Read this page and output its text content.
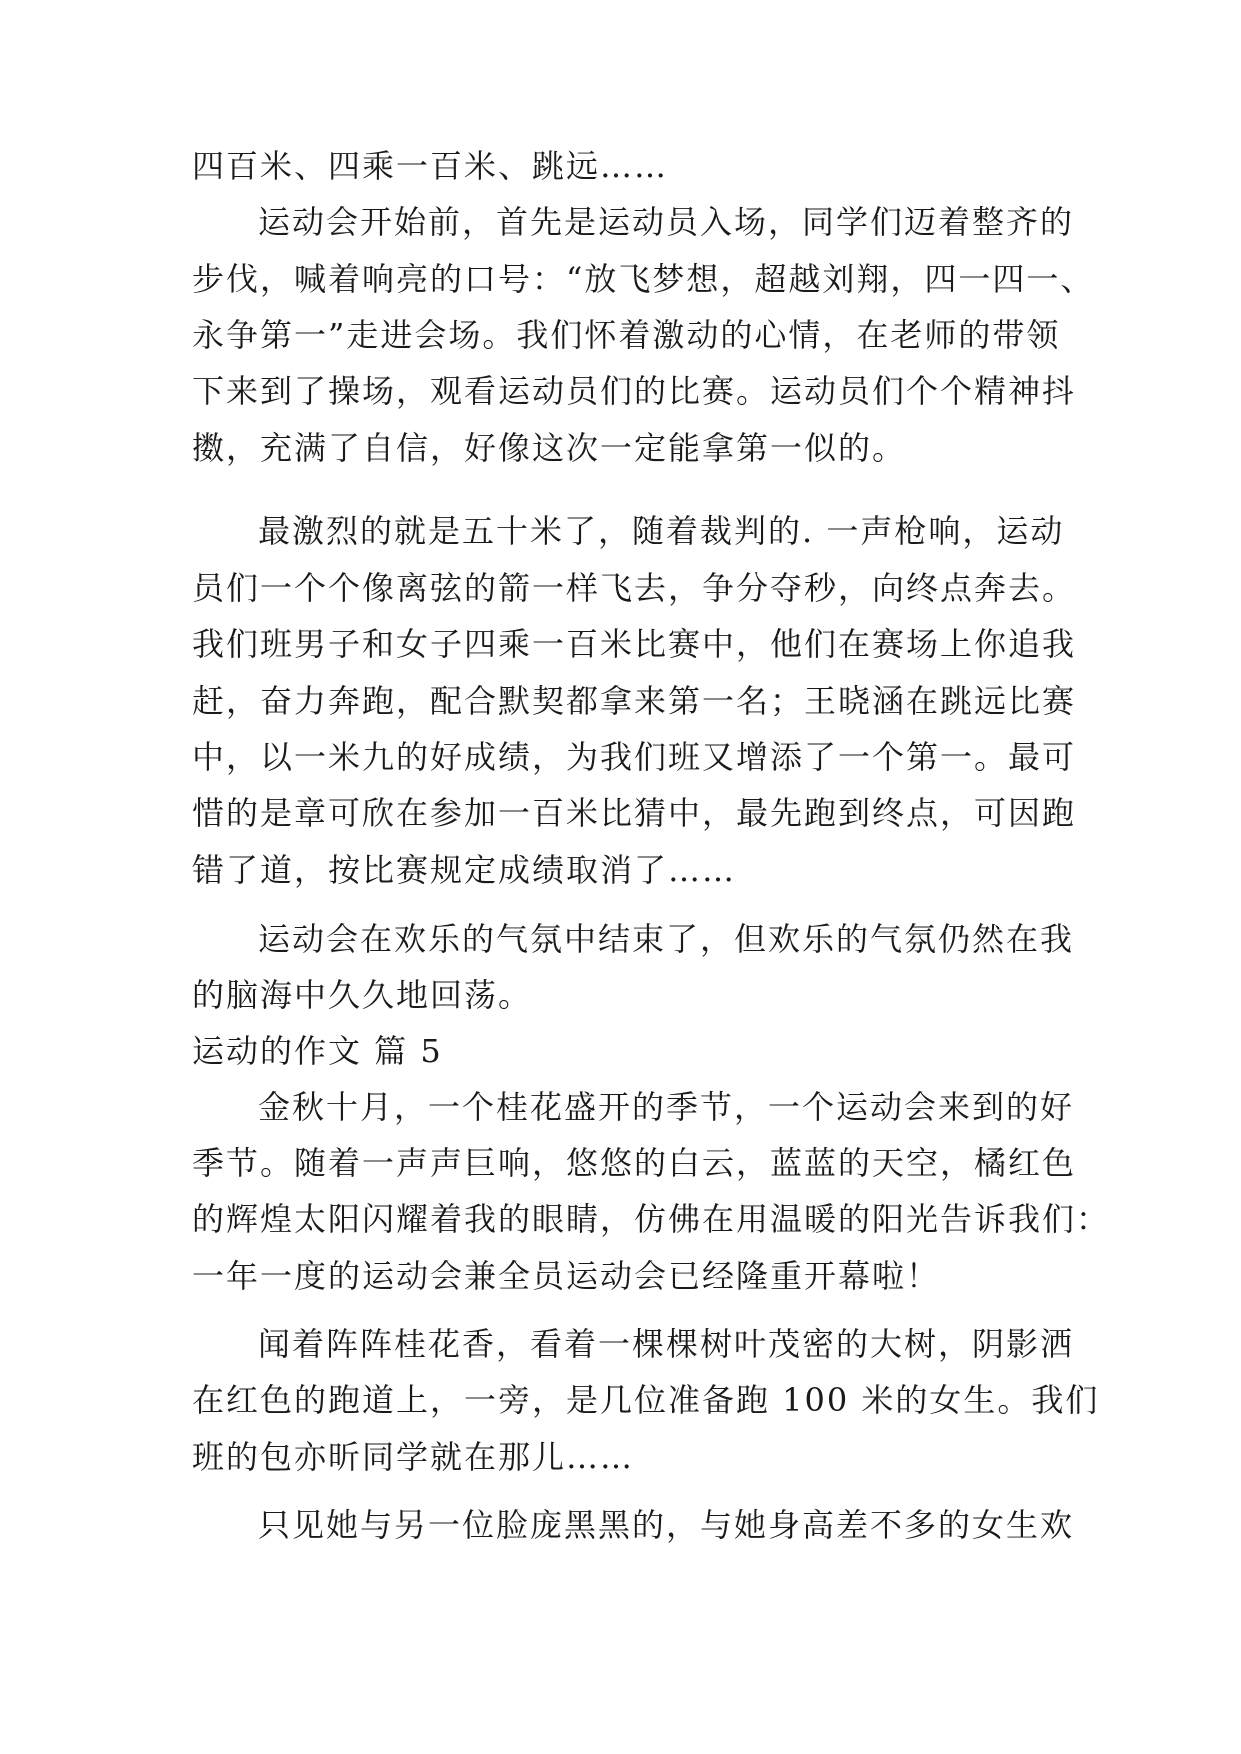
四百米、四乘一百米、跳远……
运动会开始前，首先是运动员入场，同学们迈着整齐的
步伐，喊着响亮的口号：“放飞梦想，超越刘翔，四一四一、
永争第一”走进会场。我们怀着激动的心情，在老师的带领
下来到了操场，观看运动员们的比赛。运动员们个个精神抖
擞，充满了自信，好像这次一定能拿第一似的。
最激烈的就是五十米了，随着裁判的. 一声枪响，运动
员们一个个像离弦的箭一样飞去，争分夺秒，向终点奔去。
我们班男子和女子四乘一百米比赛中，他们在赛场上你追我
赶，奋力奔跑，配合默契都拿来第一名；王晓涵在跳远比赛
中，以一米九的好成绩，为我们班又增添了一个第一。最可
惜的是章可欣在参加一百米比猜中，最先跑到终点，可因跑
错了道，按比赛规定成绩取消了……
运动会在欢乐的气氛中结束了，但欢乐的气氛仍然在我
的脑海中久久地回荡。
运动的作文 篇 5
金秋十月，一个桂花盛开的季节，一个运动会来到的好
季节。随着一声声巨响，悠悠的白云，蓝蓝的天空，橘红色
的辉煌太阳闪耀着我的眼睛，仿佛在用温暖的阳光告诉我们：
一年一度的运动会兼全员运动会已经隆重开幕啦！
闻着阵阵桂花香，看着一棵棵树叶茂密的大树，阴影洒
在红色的跑道上，一旁，是几位准备跑 100 米的女生。我们
班的包亦昕同学就在那儿……
只见她与另一位脸庞黑黑的，与她身高差不多的女生欢
